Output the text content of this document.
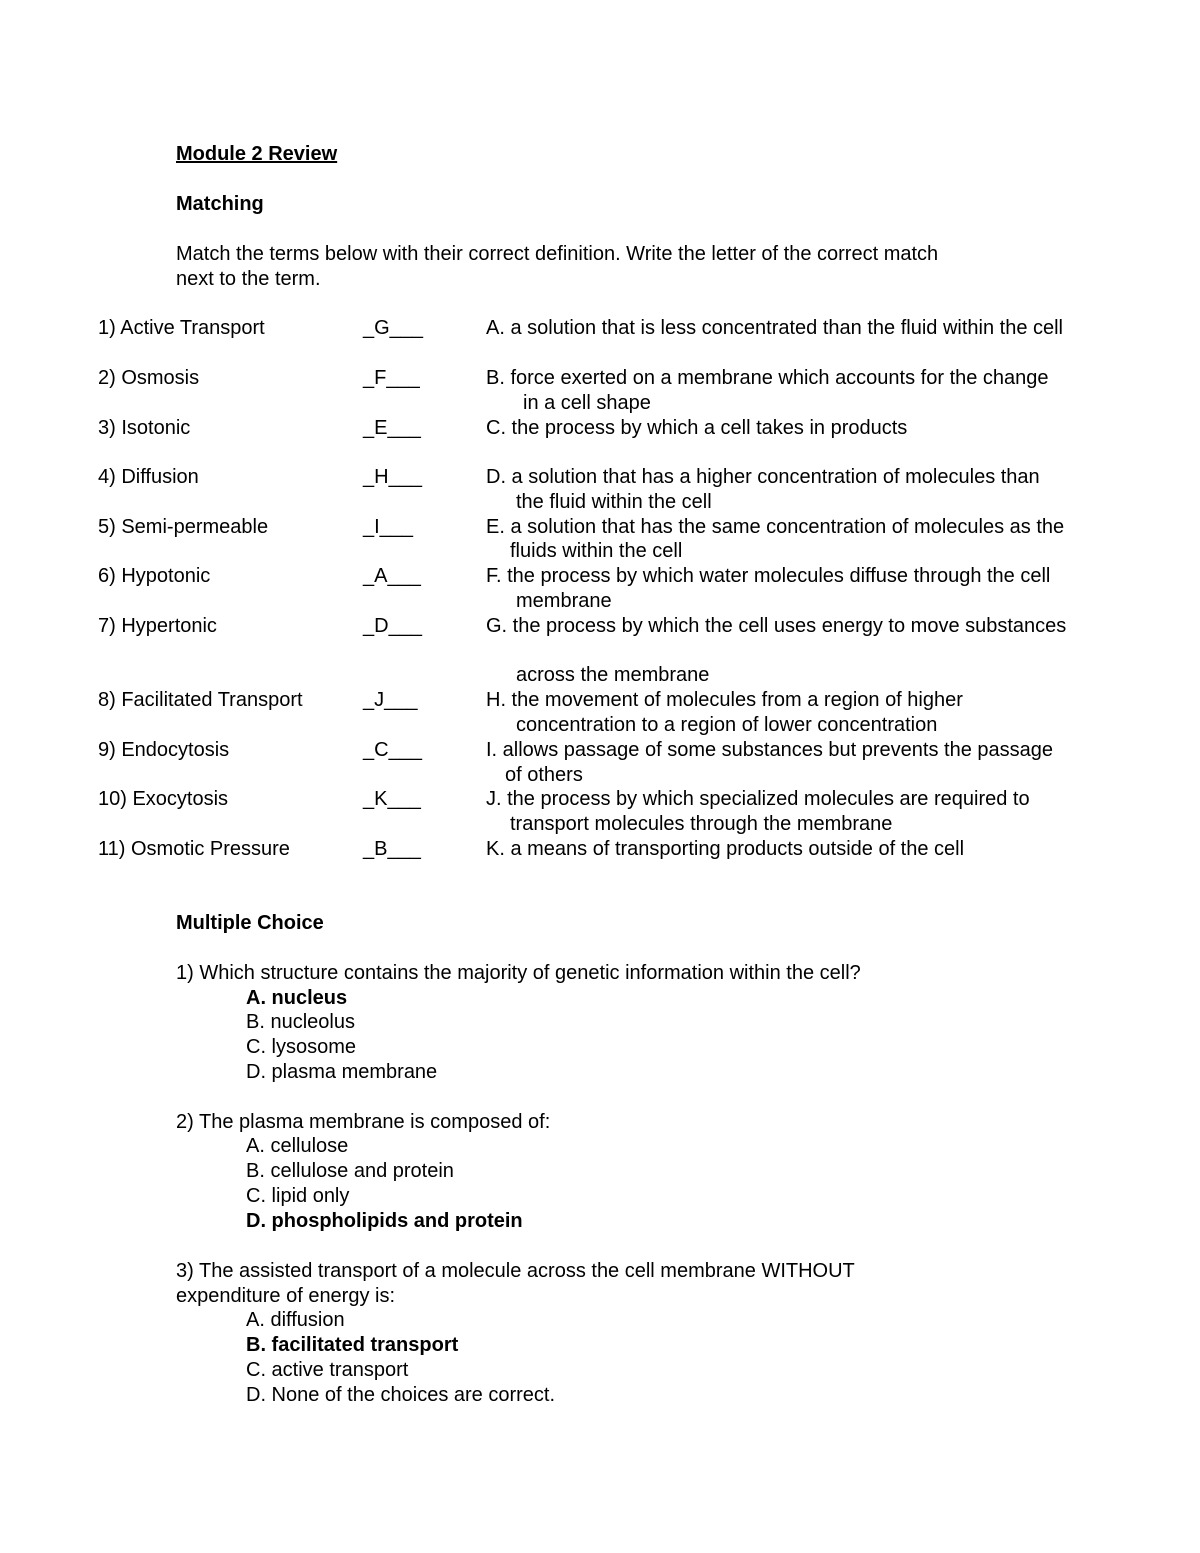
Module 2 Review
Matching
Match the terms below with their correct definition. Write the letter of the correct match
next to the term.
1) Active Transport	_G___	A. a solution that is less concentrated than the fluid within the cell
2) Osmosis	_F___	B. force exerted on a membrane which accounts for the change
in a cell shape
3) Isotonic	_E___	C. the process by which a cell takes in products
4) Diffusion	_H___	D. a solution that has a higher concentration of molecules than
the fluid within the cell
5) Semi-permeable	_I___	E. a solution that has the same concentration of molecules as the
fluids within the cell
6) Hypotonic	_A___	F. the process by which water molecules diffuse through the cell
membrane
7) Hypertonic	_D___	G. the process by which the cell uses energy to move substances
across the membrane
8) Facilitated Transport	_J___	H. the movement of molecules from a region of higher
concentration to a region of lower concentration
9) Endocytosis	_C___	I. allows passage of some substances but prevents the passage
of others
10) Exocytosis	_K___	J. the process by which specialized molecules are required to
transport molecules through the membrane
11) Osmotic Pressure	_B___	K. a means of transporting products outside of the cell
Multiple Choice
1) Which structure contains the majority of genetic information within the cell?
A. nucleus
B. nucleolus
C. lysosome
D. plasma membrane
2) The plasma membrane is composed of:
A. cellulose
B. cellulose and protein
C. lipid only
D. phospholipids and protein
3) The assisted transport of a molecule across the cell membrane WITHOUT
expenditure of energy is:
A. diffusion
B. facilitated transport
C. active transport
D. None of the choices are correct.
